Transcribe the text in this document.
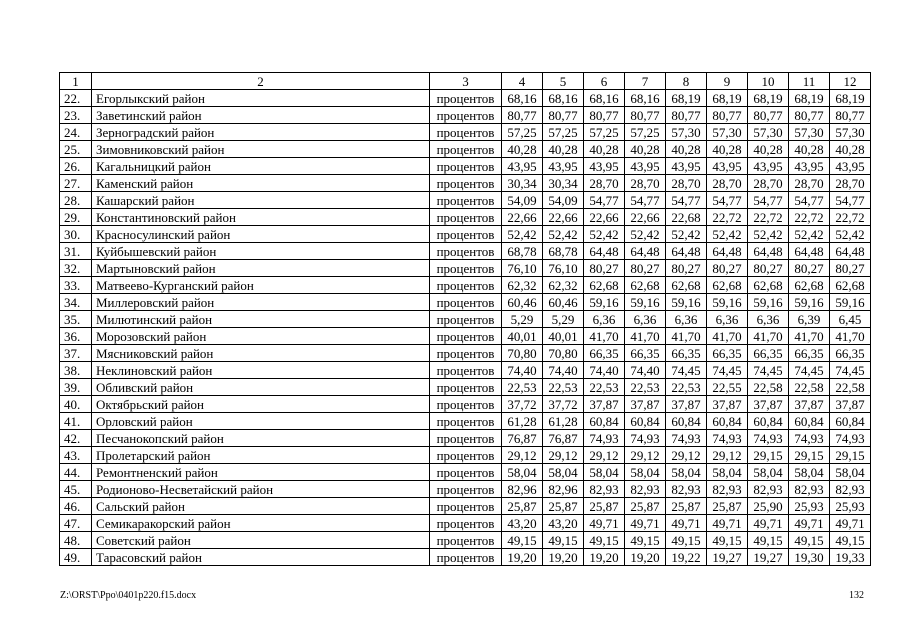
1	2	3	4	5	6	7	8	9	10	11	12
22.	Егорлыкский район	процентов	68,16	68,16	68,16	68,16	68,19	68,19	68,19	68,19	68,19
23.	Заветинский район	процентов	80,77	80,77	80,77	80,77	80,77	80,77	80,77	80,77	80,77
24.	Зерноградский район	процентов	57,25	57,25	57,25	57,25	57,30	57,30	57,30	57,30	57,30
25.	Зимовниковский район	процентов	40,28	40,28	40,28	40,28	40,28	40,28	40,28	40,28	40,28
26.	Кагальницкий район	процентов	43,95	43,95	43,95	43,95	43,95	43,95	43,95	43,95	43,95
27.	Каменский район	процентов	30,34	30,34	28,70	28,70	28,70	28,70	28,70	28,70	28,70
28.	Кашарский район	процентов	54,09	54,09	54,77	54,77	54,77	54,77	54,77	54,77	54,77
29.	Константиновский район	процентов	22,66	22,66	22,66	22,66	22,68	22,72	22,72	22,72	22,72
30.	Красносулинский район	процентов	52,42	52,42	52,42	52,42	52,42	52,42	52,42	52,42	52,42
31.	Куйбышевский район	процентов	68,78	68,78	64,48	64,48	64,48	64,48	64,48	64,48	64,48
32.	Мартыновский район	процентов	76,10	76,10	80,27	80,27	80,27	80,27	80,27	80,27	80,27
33.	Матвеево-Курганский район	процентов	62,32	62,32	62,68	62,68	62,68	62,68	62,68	62,68	62,68
34.	Миллеровский район	процентов	60,46	60,46	59,16	59,16	59,16	59,16	59,16	59,16	59,16
35.	Милютинский район	процентов	5,29	5,29	6,36	6,36	6,36	6,36	6,36	6,39	6,45
36.	Морозовский район	процентов	40,01	40,01	41,70	41,70	41,70	41,70	41,70	41,70	41,70
37.	Мясниковский район	процентов	70,80	70,80	66,35	66,35	66,35	66,35	66,35	66,35	66,35
38.	Неклиновский район	процентов	74,40	74,40	74,40	74,40	74,45	74,45	74,45	74,45	74,45
39.	Обливский район	процентов	22,53	22,53	22,53	22,53	22,53	22,55	22,58	22,58	22,58
40.	Октябрьский район	процентов	37,72	37,72	37,87	37,87	37,87	37,87	37,87	37,87	37,87
41.	Орловский район	процентов	61,28	61,28	60,84	60,84	60,84	60,84	60,84	60,84	60,84
42.	Песчанокопский район	процентов	76,87	76,87	74,93	74,93	74,93	74,93	74,93	74,93	74,93
43.	Пролетарский район	процентов	29,12	29,12	29,12	29,12	29,12	29,12	29,15	29,15	29,15
44.	Ремонтненский район	процентов	58,04	58,04	58,04	58,04	58,04	58,04	58,04	58,04	58,04
45.	Родионово-Несветайский район	процентов	82,96	82,96	82,93	82,93	82,93	82,93	82,93	82,93	82,93
46.	Сальский район	процентов	25,87	25,87	25,87	25,87	25,87	25,87	25,90	25,93	25,93
47.	Семикаракорский район	процентов	43,20	43,20	49,71	49,71	49,71	49,71	49,71	49,71	49,71
48.	Советский район	процентов	49,15	49,15	49,15	49,15	49,15	49,15	49,15	49,15	49,15
49.	Тарасовский район	процентов	19,20	19,20	19,20	19,20	19,22	19,27	19,27	19,30	19,33
Z:\ORST\Ppo\0401p220.f15.docx	132
